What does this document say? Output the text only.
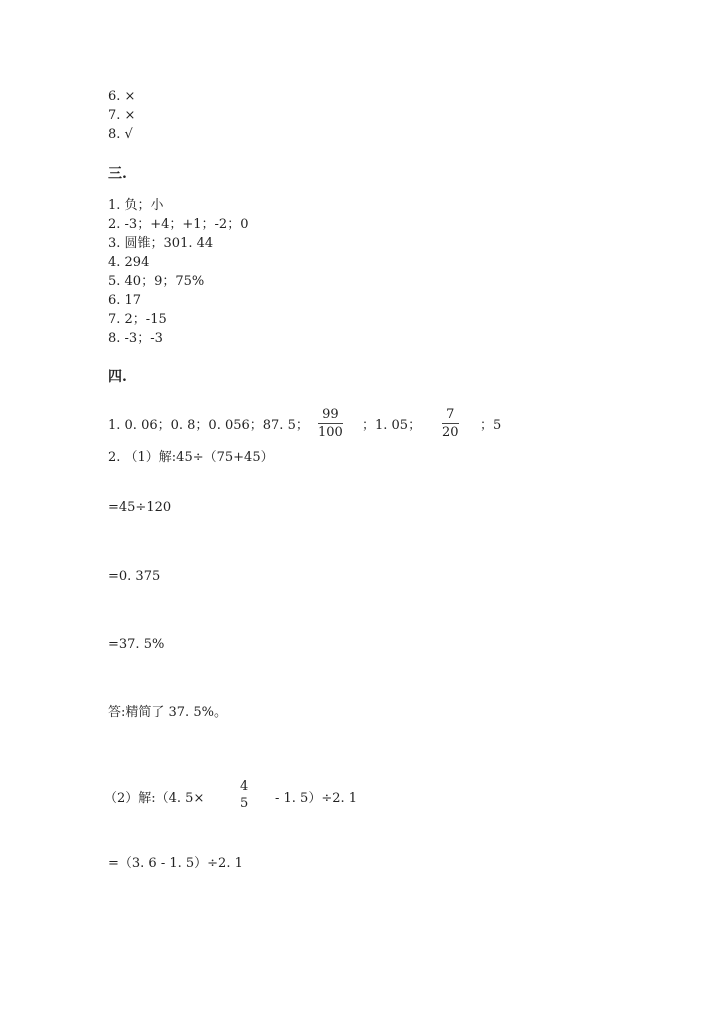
6. ×
7. ×
8. √
三.
1. 负；小
2. -3；+4；+1；-2；0
3. 圆锥；301. 44
4. 294
5. 40；9；75%
6. 17
7. 2；-15
8. -3；-3
四.
1. 0. 06；0. 8；0. 056；87. 5； $\frac{99}{100}$ ；1. 05； $\frac{7}{20}$ ；5
2. （1）解:45÷（75+45）
=45÷120
=0. 375
=37. 5%
答:精简了 37. 5%。
（2）解:（4. 5×
4
5 - 1. 5）÷2. 1
=（3. 6 - 1. 5）÷2. 1
